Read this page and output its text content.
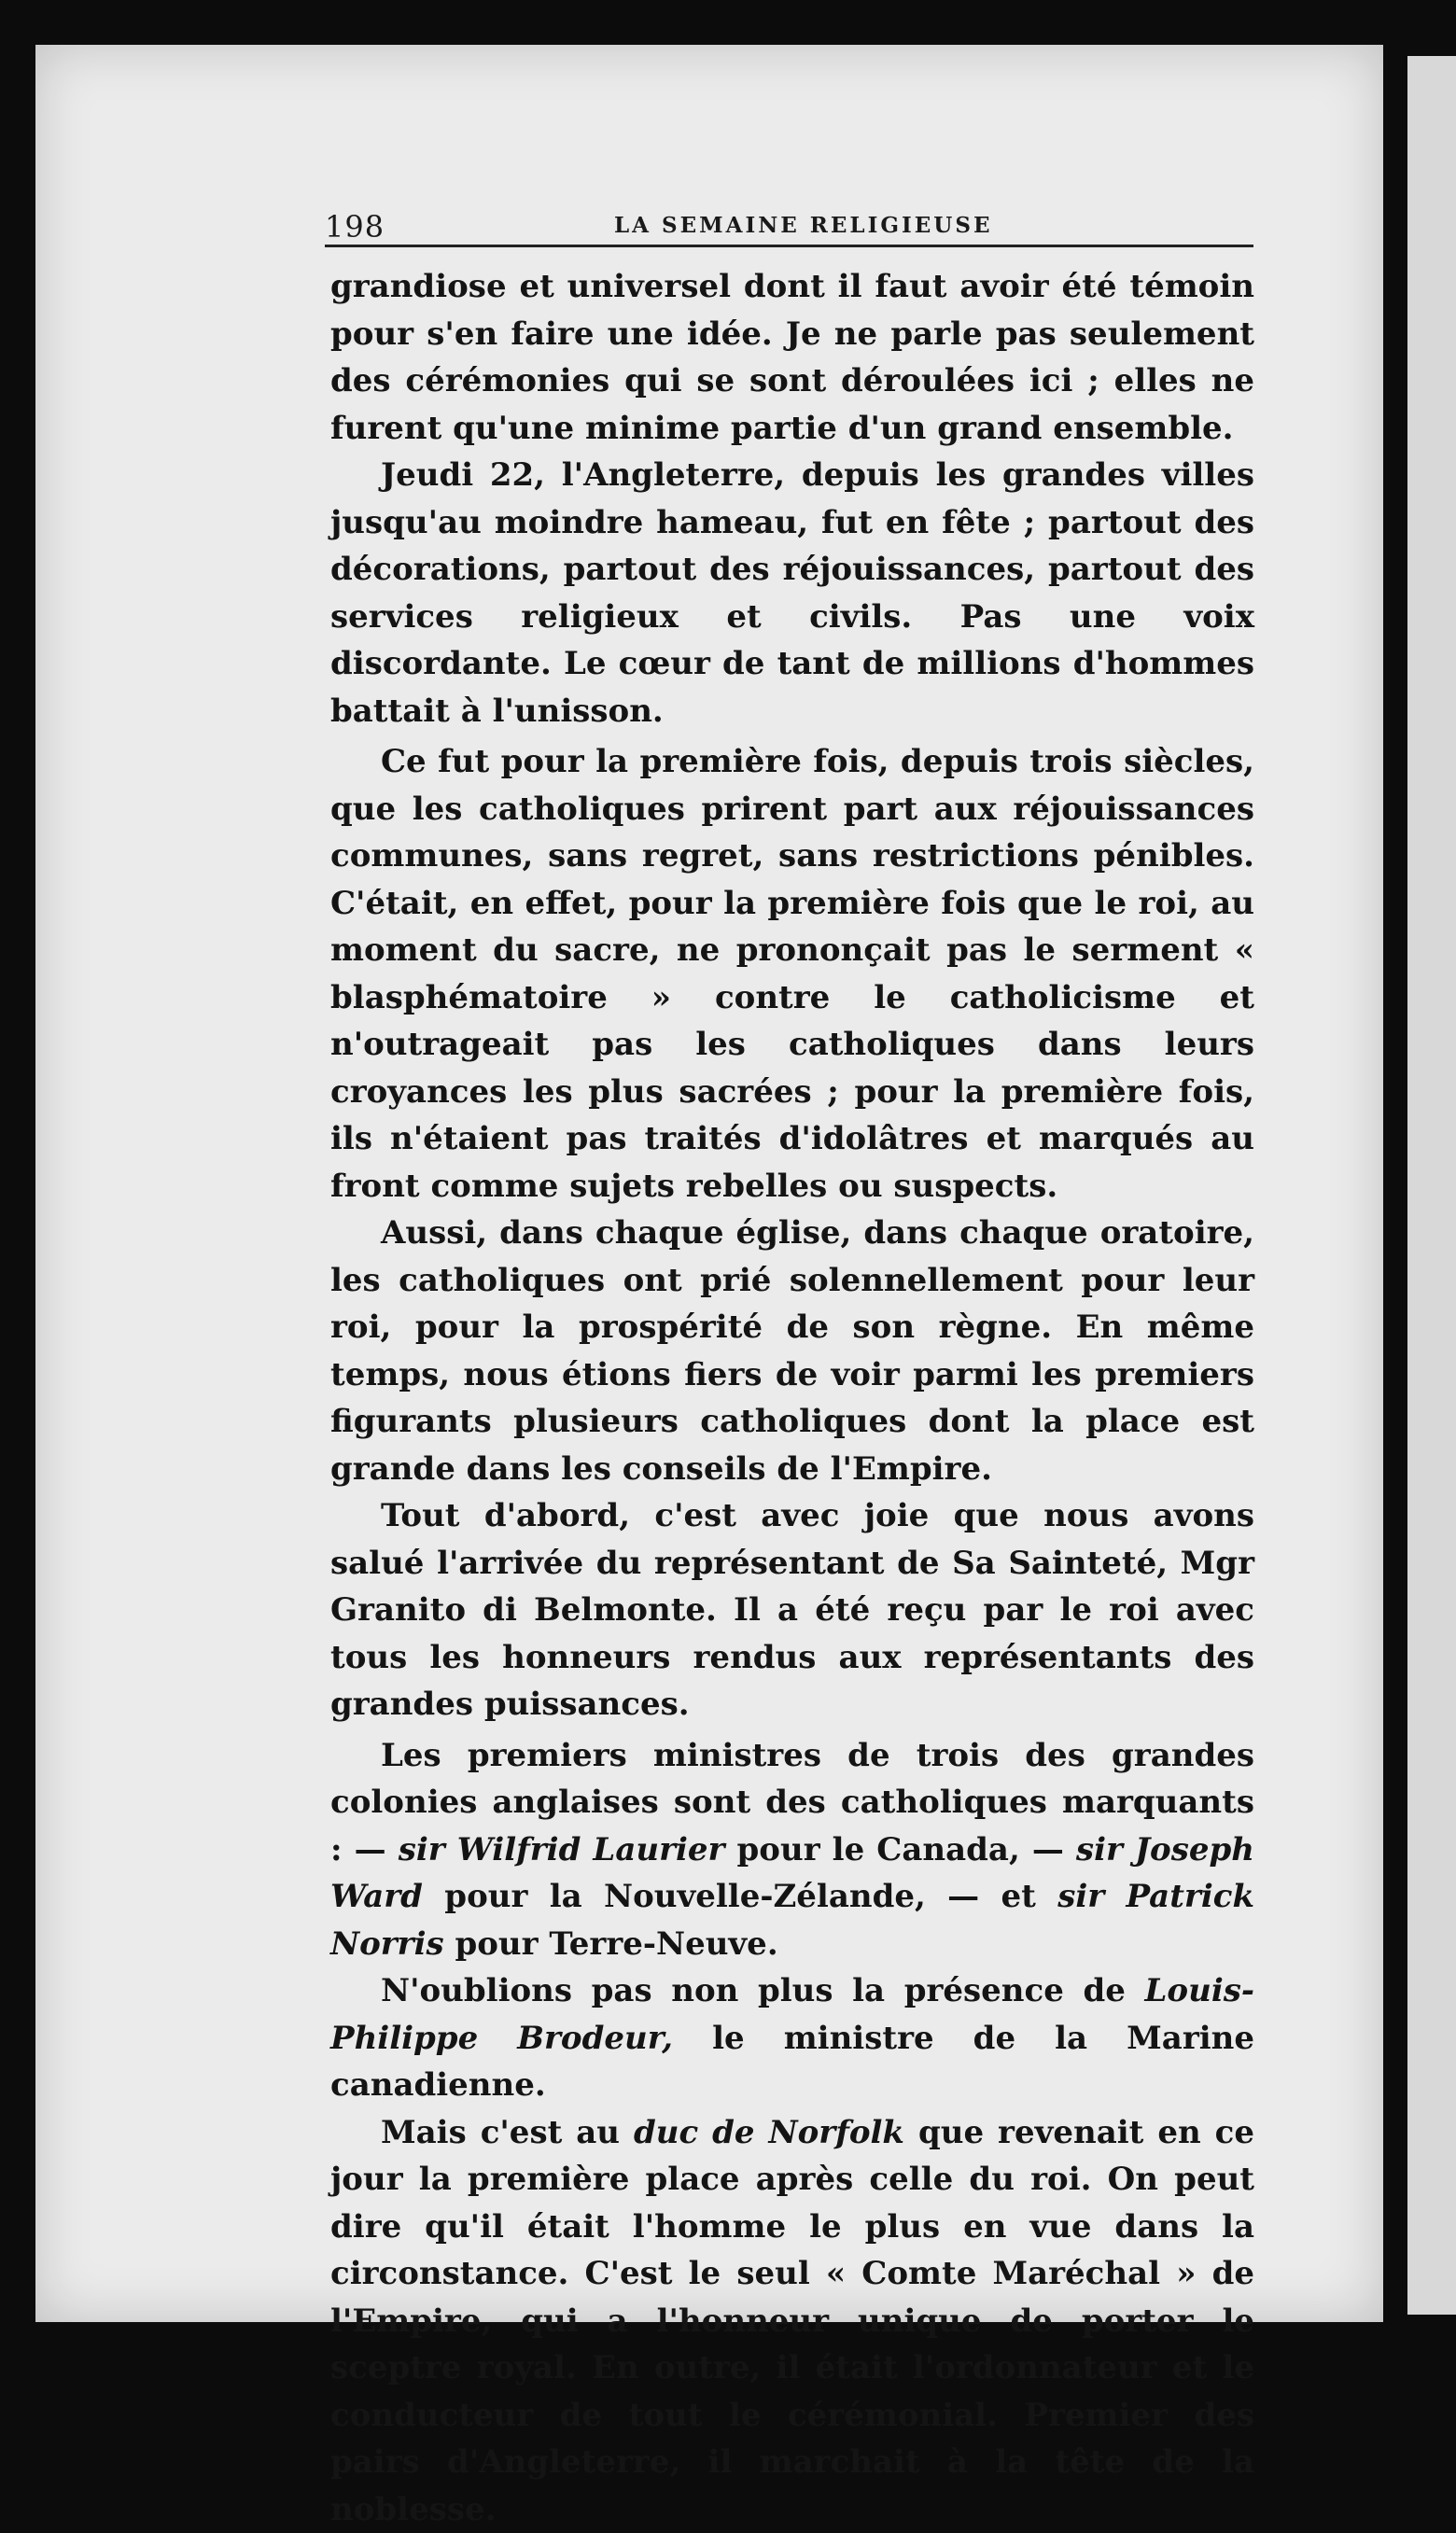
198	LA SEMAINE RELIGIEUSE

grandiose et universel dont il faut avoir été témoin pour s'en faire une idée. Je ne parle pas seulement des cérémonies qui se sont déroulées ici ; elles ne furent qu'une minime partie d'un grand ensemble.

Jeudi 22, l'Angleterre, depuis les grandes villes jusqu'au moindre hameau, fut en fête ; partout des décorations, partout des réjouissances, partout des services religieux et civils. Pas une voix discordante. Le cœur de tant de millions d'hommes battait à l'unisson.

Ce fut pour la première fois, depuis trois siècles, que les catholiques prirent part aux réjouissances communes, sans regret, sans restrictions pénibles. C'était, en effet, pour la première fois que le roi, au moment du sacre, ne prononçait pas le serment « blasphématoire » contre le catholicisme et n'outrageait pas les catholiques dans leurs croyances les plus sacrées ; pour la première fois, ils n'étaient pas traités d'idolâtres et marqués au front comme sujets rebelles ou suspects.

Aussi, dans chaque église, dans chaque oratoire, les catholiques ont prié solennellement pour leur roi, pour la prospérité de son règne. En même temps, nous étions fiers de voir parmi les premiers figurants plusieurs catholiques dont la place est grande dans les conseils de l'Empire.

Tout d'abord, c'est avec joie que nous avons salué l'arrivée du représentant de Sa Sainteté, Mgr Granito di Belmonte. Il a été reçu par le roi avec tous les honneurs rendus aux représentants des grandes puissances.

Les premiers ministres de trois des grandes colonies anglaises sont des catholiques marquants : — sir Wilfrid Laurier pour le Canada, — sir Joseph Ward pour la Nouvelle-Zélande, — et sir Patrick Norris pour Terre-Neuve.

N'oublions pas non plus la présence de Louis-Philippe Brodeur, le ministre de la Marine canadienne.

Mais c'est au duc de Norfolk que revenait en ce jour la première place après celle du roi. On peut dire qu'il était l'homme le plus en vue dans la circonstance. C'est le seul « Comte Maréchal » de l'Empire, qui a l'honneur unique de porter le sceptre royal. En outre, il était l'ordonnateur et le conducteur de tout le cérémonial. Premier des pairs d'Angleterre, il marchait à la tête de la noblesse.
